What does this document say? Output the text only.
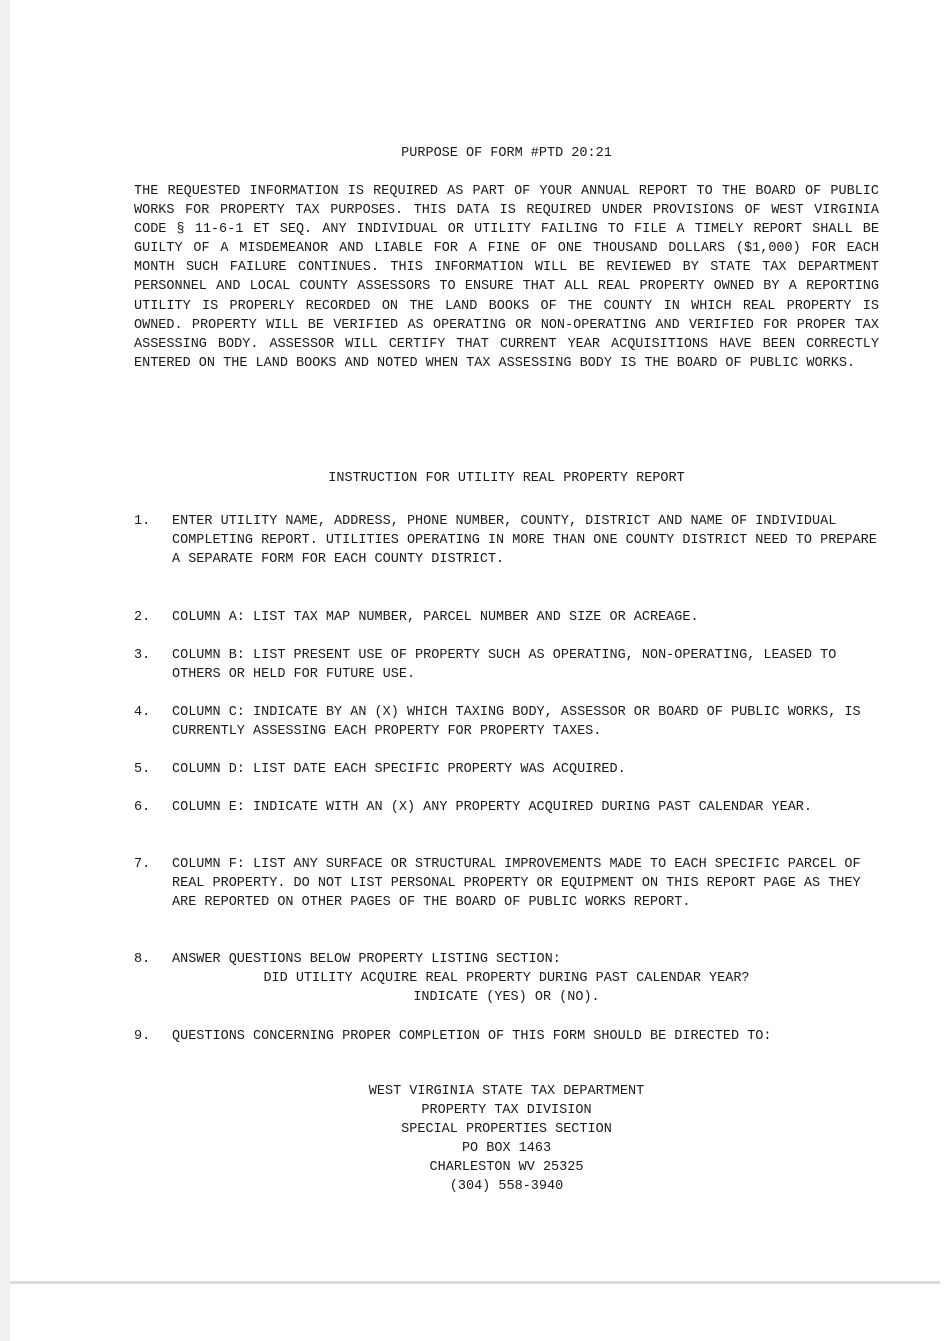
PURPOSE OF FORM #PTD 20:21

THE REQUESTED INFORMATION IS REQUIRED AS PART OF YOUR ANNUAL REPORT TO THE BOARD OF PUBLIC WORKS FOR PROPERTY TAX PURPOSES. THIS DATA IS REQUIRED UNDER PROVISIONS OF WEST VIRGINIA CODE § 11-6-1 ET SEQ. ANY INDIVIDUAL OR UTILITY FAILING TO FILE A TIMELY REPORT SHALL BE GUILTY OF A MISDEMEANOR AND LIABLE FOR A FINE OF ONE THOUSAND DOLLARS ($1,000) FOR EACH MONTH SUCH FAILURE CONTINUES. THIS INFORMATION WILL BE REVIEWED BY STATE TAX DEPARTMENT PERSONNEL AND LOCAL COUNTY ASSESSORS TO ENSURE THAT ALL REAL PROPERTY OWNED BY A REPORTING UTILITY IS PROPERLY RECORDED ON THE LAND BOOKS OF THE COUNTY IN WHICH REAL PROPERTY IS OWNED. PROPERTY WILL BE VERIFIED AS OPERATING OR NON-OPERATING AND VERIFIED FOR PROPER TAX ASSESSING BODY. ASSESSOR WILL CERTIFY THAT CURRENT YEAR ACQUISITIONS HAVE BEEN CORRECTLY ENTERED ON THE LAND BOOKS AND NOTED WHEN TAX ASSESSING BODY IS THE BOARD OF PUBLIC WORKS.

INSTRUCTION FOR UTILITY REAL PROPERTY REPORT
1.	ENTER UTILITY NAME, ADDRESS, PHONE NUMBER, COUNTY, DISTRICT AND NAME OF INDIVIDUAL COMPLETING REPORT. UTILITIES OPERATING IN MORE THAN ONE COUNTY DISTRICT NEED TO PREPARE A SEPARATE FORM FOR EACH COUNTY DISTRICT.
2.	COLUMN A: LIST TAX MAP NUMBER, PARCEL NUMBER AND SIZE OR ACREAGE.
3.	COLUMN B: LIST PRESENT USE OF PROPERTY SUCH AS OPERATING, NON-OPERATING, LEASED TO OTHERS OR HELD FOR FUTURE USE.
4.	COLUMN C: INDICATE BY AN (X) WHICH TAXING BODY, ASSESSOR OR BOARD OF PUBLIC WORKS, IS CURRENTLY ASSESSING EACH PROPERTY FOR PROPERTY TAXES.
5.	COLUMN D: LIST DATE EACH SPECIFIC PROPERTY WAS ACQUIRED.
6.	COLUMN E: INDICATE WITH AN (X) ANY PROPERTY ACQUIRED DURING PAST CALENDAR YEAR.
7.	COLUMN F: LIST ANY SURFACE OR STRUCTURAL IMPROVEMENTS MADE TO EACH SPECIFIC PARCEL OF REAL PROPERTY. DO NOT LIST PERSONAL PROPERTY OR EQUIPMENT ON THIS REPORT PAGE AS THEY ARE REPORTED ON OTHER PAGES OF THE BOARD OF PUBLIC WORKS REPORT.
8.	ANSWER QUESTIONS BELOW PROPERTY LISTING SECTION:
DID UTILITY ACQUIRE REAL PROPERTY DURING PAST CALENDAR YEAR?
INDICATE (YES) OR (NO).
9.	QUESTIONS CONCERNING PROPER COMPLETION OF THIS FORM SHOULD BE DIRECTED TO:
WEST VIRGINIA STATE TAX DEPARTMENT
PROPERTY TAX DIVISION
SPECIAL PROPERTIES SECTION
PO BOX 1463
CHARLESTON WV 25325
(304) 558-3940
